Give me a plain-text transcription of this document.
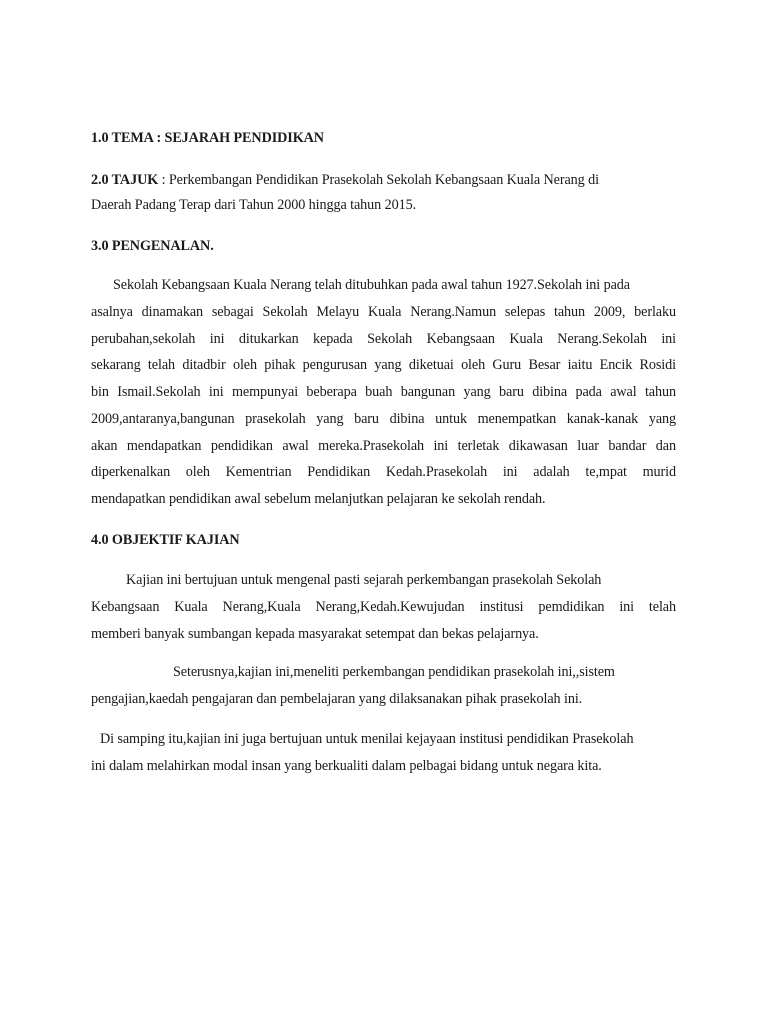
1.0 TEMA : SEJARAH PENDIDIKAN
2.0 TAJUK : Perkembangan Pendidikan Prasekolah Sekolah Kebangsaan Kuala Nerang di
Daerah Padang Terap dari Tahun 2000 hingga tahun 2015.
3.0 PENGENALAN.
Sekolah Kebangsaan Kuala Nerang telah ditubuhkan pada awal tahun 1927.Sekolah ini pada
asalnya dinamakan sebagai Sekolah Melayu Kuala Nerang.Namun selepas tahun 2009, berlaku
perubahan,sekolah ini ditukarkan kepada Sekolah Kebangsaan Kuala Nerang.Sekolah ini
sekarang telah ditadbir oleh pihak pengurusan yang diketuai oleh Guru Besar iaitu Encik Rosidi
bin Ismail.Sekolah ini mempunyai beberapa buah bangunan yang baru dibina pada awal tahun
2009,antaranya,bangunan prasekolah yang baru dibina untuk menempatkan kanak-kanak yang
akan mendapatkan pendidikan awal mereka.Prasekolah ini terletak dikawasan luar bandar dan
diperkenalkan oleh Kementrian Pendidikan Kedah.Prasekolah ini adalah te,mpat murid
mendapatkan pendidikan awal sebelum melanjutkan pelajaran ke sekolah rendah.
4.0 OBJEKTIF KAJIAN
Kajian ini bertujuan untuk mengenal pasti sejarah perkembangan prasekolah Sekolah
Kebangsaan Kuala Nerang,Kuala Nerang,Kedah.Kewujudan institusi pemdidikan ini telah
memberi banyak sumbangan kepada masyarakat setempat dan bekas pelajarnya.
Seterusnya,kajian ini,meneliti perkembangan pendidikan prasekolah ini,,sistem
pengajian,kaedah pengajaran dan pembelajaran yang dilaksanakan pihak prasekolah ini.
Di samping itu,kajian ini juga bertujuan untuk menilai kejayaan institusi pendidikan Prasekolah
ini dalam melahirkan modal insan yang berkualiti dalam pelbagai bidang untuk negara kita.
